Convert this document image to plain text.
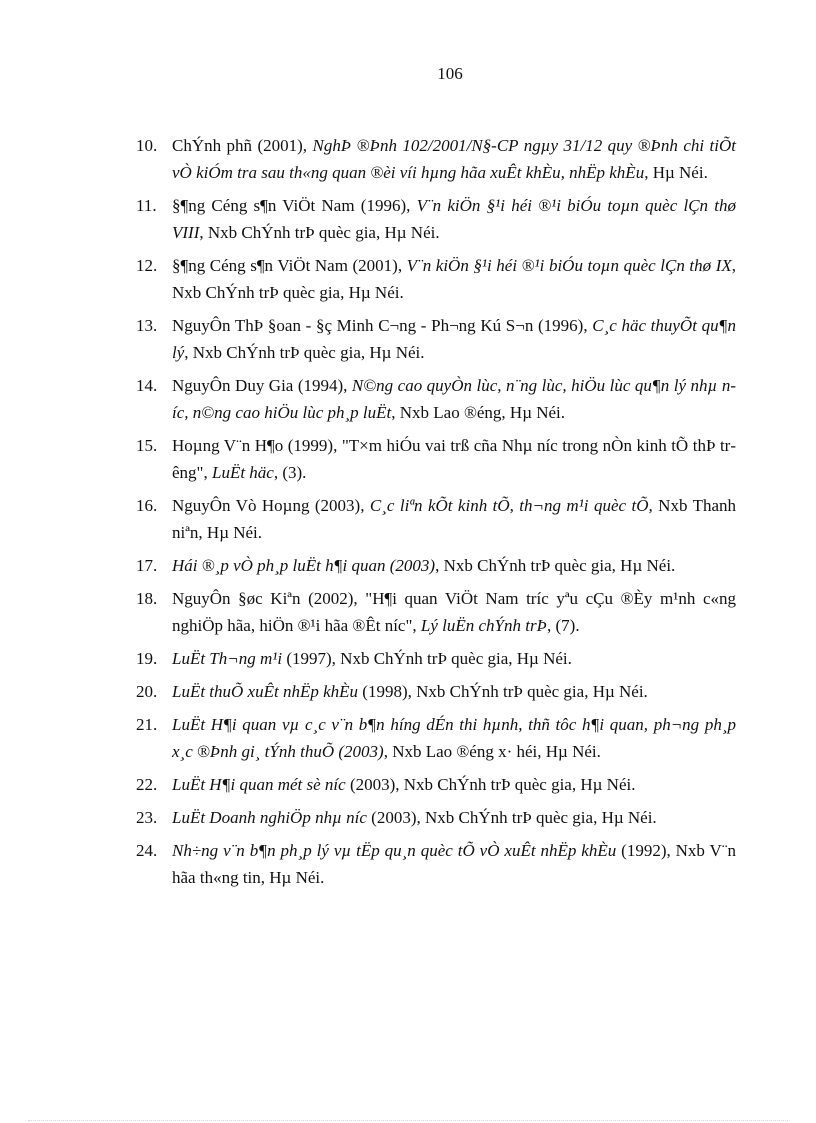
106
10. ChÝnh phñ (2001), NghÞ ®Þnh 102/2001/N§-CP ngµy 31/12 quy ®Þnh chi tiÕt vÒ kiÓm tra sau th«ng quan ®èi víi hµng hãa xuÊt khÈu, nhËp khÈu, Hµ Néi.
11. §¶ng Céng s¶n ViÖt Nam (1996), V¨n kiÖn §¹i héi ®¹i biÓu toµn quèc lÇn thø VIII, Nxb ChÝnh trÞ quèc gia, Hµ Néi.
12. §¶ng Céng s¶n ViÖt Nam (2001), V¨n kiÖn §¹i héi ®¹i biÓu toµn quèc lÇn thø IX, Nxb ChÝnh trÞ quèc gia, Hµ Néi.
13. NguyÔn ThÞ §oan - §ç Minh C¬ng - Ph¬ng Kú S¬n (1996), C¸c häc thuyÕt qu¶n lý, Nxb ChÝnh trÞ quèc gia, Hµ Néi.
14. NguyÔn Duy Gia (1994), N©ng cao quyÒn lùc, n¨ng lùc, hiÖu lùc qu¶n lý nhµ níc, n©ng cao hiÖu lùc ph¸p luËt, Nxb Lao ®éng, Hµ Néi.
15. Hoµng V¨n H¶o (1999), "T×m hiÓu vai trß cña Nhµ níc trong nÒn kinh tÕ thÞ trêng", LuËt häc, (3).
16. NguyÔn Vò Hoµng (2003), C¸c liªn kÕt kinh tÕ, th¬ng m¹i quèc tÕ, Nxb Thanh niªn, Hµ Néi.
17. Hái ®¸p vÒ ph¸p luËt h¶i quan (2003), Nxb ChÝnh trÞ quèc gia, Hµ Néi.
18. NguyÔn §øc Kiªn (2002), "H¶i quan ViÖt Nam tríc yªu cÇu ®Èy m¹nh c«ng nghiÖp hãa, hiÖn ®¹i hãa ®Êt níc", Lý luËn chÝnh trÞ, (7).
19. LuËt Th¬ng m¹i (1997), Nxb ChÝnh trÞ quèc gia, Hµ Néi.
20. LuËt thuÕ xuÊt nhËp khÈu (1998), Nxb ChÝnh trÞ quèc gia, Hµ Néi.
21. LuËt H¶i quan vµ c¸c v¨n b¶n híng dÉn thi hµnh, thñ tôc h¶i quan, ph¬ng ph¸p x¸c ®Þnh gi¸ tÝnh thuÕ (2003), Nxb Lao ®éng x· héi, Hµ Néi.
22. LuËt H¶i quan mét sè níc (2003), Nxb ChÝnh trÞ quèc gia, Hµ Néi.
23. LuËt Doanh nghiÖp nhµ níc (2003), Nxb ChÝnh trÞ quèc gia, Hµ Néi.
24. Nh÷ng v¨n b¶n ph¸p lý vµ tËp qu¸n quèc tÕ vÒ xuÊt nhËp khÈu (1992), Nxb V¨n hãa th«ng tin, Hµ Néi.
